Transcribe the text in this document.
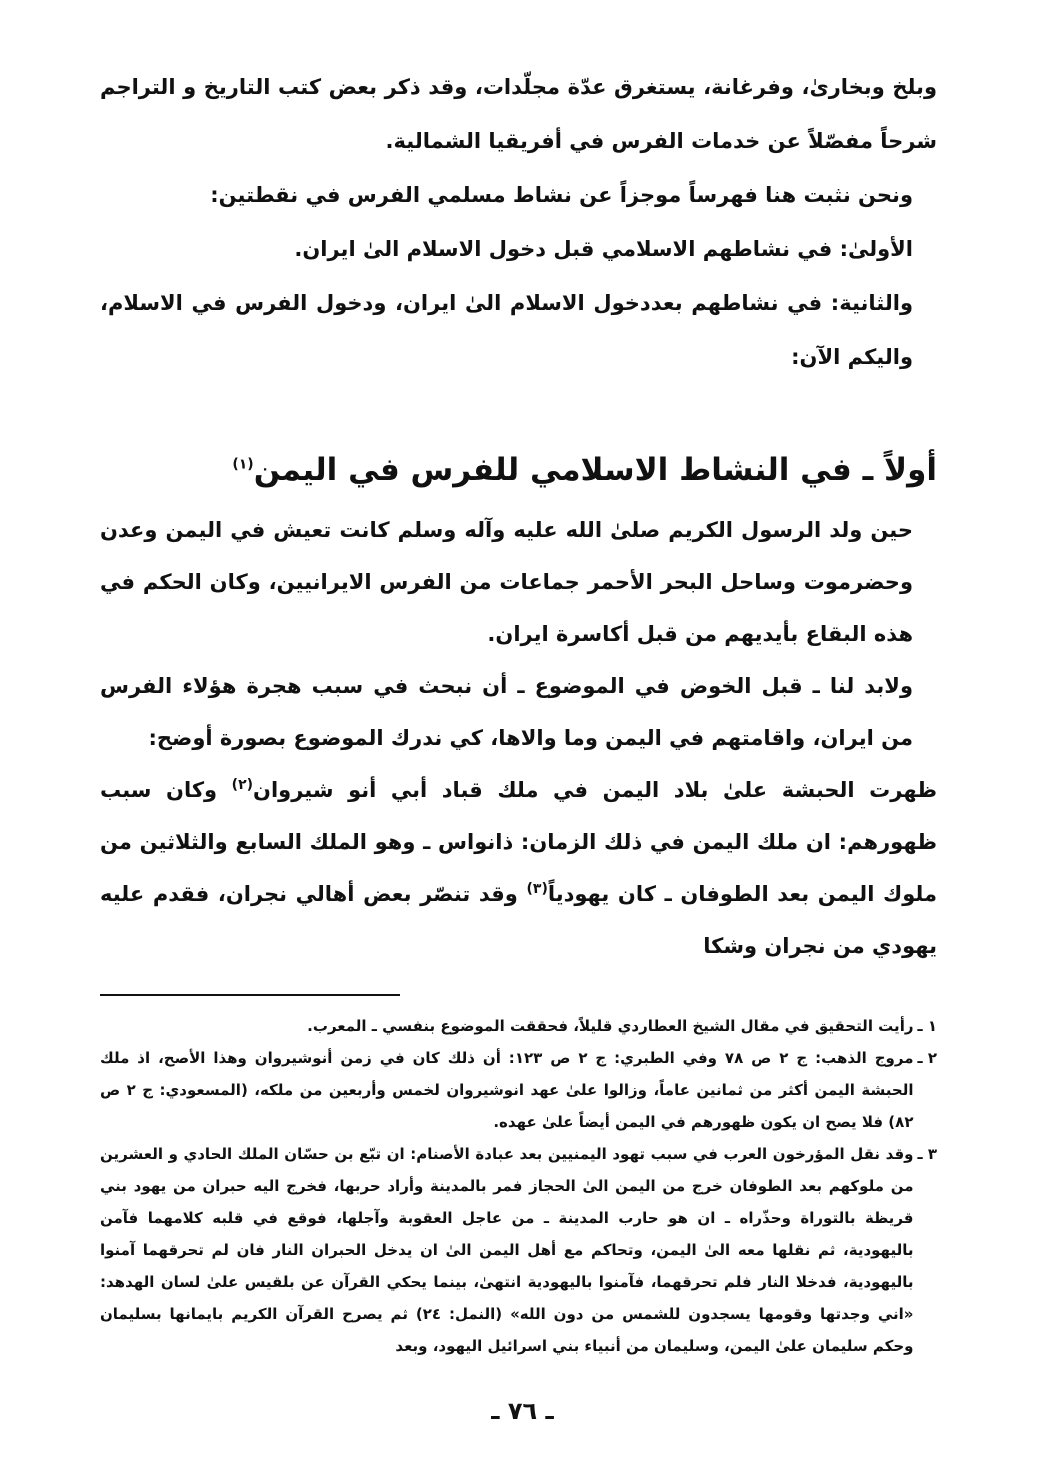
وبلخ وبخارىٰ، وفرغانة، يستغرق عدّة مجلّدات، وقد ذكر بعض كتب التاريخ و التراجم شرحاً مفصّلاً عن خدمات الفرس في أفريقيا الشمالية.

ونحن نثبت هنا فهرساً موجزاً عن نشاط مسلمي الفرس في نقطتين:

الأولىٰ: في نشاطهم الاسلامي قبل دخول الاسلام الىٰ ايران.

والثانية: في نشاطهم بعددخول الاسلام الىٰ ايران، ودخول الفرس في الاسلام، واليكم الآن:

أولاً ـ في النشاط الاسلامي للفرس في اليمن$^{(١)}$

حين ولد الرسول الكريم صلىٰ الله عليه وآله وسلم كانت تعيش في اليمن وعدن وحضرموت وساحل البحر الأحمر جماعات من الفرس الايرانيين، وكان الحكم في هذه البقاع بأيديهم من قبل أكاسرة ايران.

ولابد لنا ـ قبل الخوض في الموضوع ـ أن نبحث في سبب هجرة هؤلاء الفرس من ايران، واقامتهم في اليمن وما والاها، كي ندرك الموضوع بصورة أوضح:

ظهرت الحبشة علىٰ بلاد اليمن في ملك قباد أبي أنو شيروان$^{(٢)}$ وكان سبب ظهورهم: ان ملك اليمن في ذلك الزمان: ذانواس ـ وهو الملك السابع والثلاثين من ملوك اليمن بعد الطوفان ـ كان يهودياً$^{(٣)}$ وقد تنصّر بعض أهالي نجران، فقدم عليه يهودي من نجران وشكا

١ ـ
رأيت التحقيق في مقال الشيخ العطاردي قليلاً، فحققت الموضوع بنفسي ـ المعرب.
٢ ـ
مروج الذهب: ج ٢ ص ٧٨ وفي الطبري: ج ٢ ص ١٢٣: أن ذلك كان في زمن أنوشيروان وهذا الأصح، اذ ملك الحبشة اليمن أكثر من ثمانين عاماً، وزالوا علىٰ عهد انوشيروان لخمس وأربعين من ملكه، (المسعودي: ج ٢ ص ٨٢) فلا يصح ان يكون ظهورهم في اليمن أيضاً علىٰ عهده.
٣ ـ
وقد نقل المؤرخون العرب في سبب تهود اليمنيين بعد عبادة الأصنام: ان تبّع بن حسّان الملك الحادي و العشرين من ملوكهم بعد الطوفان خرج من اليمن الىٰ الحجاز فمر بالمدينة وأراد حربها، فخرج اليه حبران من يهود بني قريظة بالتوراة وحذّراه ـ ان هو حارب المدينة ـ من عاجل العقوبة وآجلها، فوقع في قلبه كلامهما فآمن باليهودية، ثم نقلها معه الىٰ اليمن، وتحاكم مع أهل اليمن الىٰ ان يدخل الحبران النار فان لم تحرقهما آمنوا باليهودية، فدخلا النار فلم تحرقهما، فآمنوا باليهودية انتهىٰ، بينما يحكي القرآن عن بلقيس علىٰ لسان الهدهد: «اني وجدتها وقومها يسجدون للشمس من دون الله» (النمل: ٢٤) ثم يصرح القرآن الكريم بايمانها بسليمان وحكم سليمان علىٰ اليمن، وسليمان من أنبياء بني اسرائيل اليهود، وبعد
ـ ٧٦ ـ
